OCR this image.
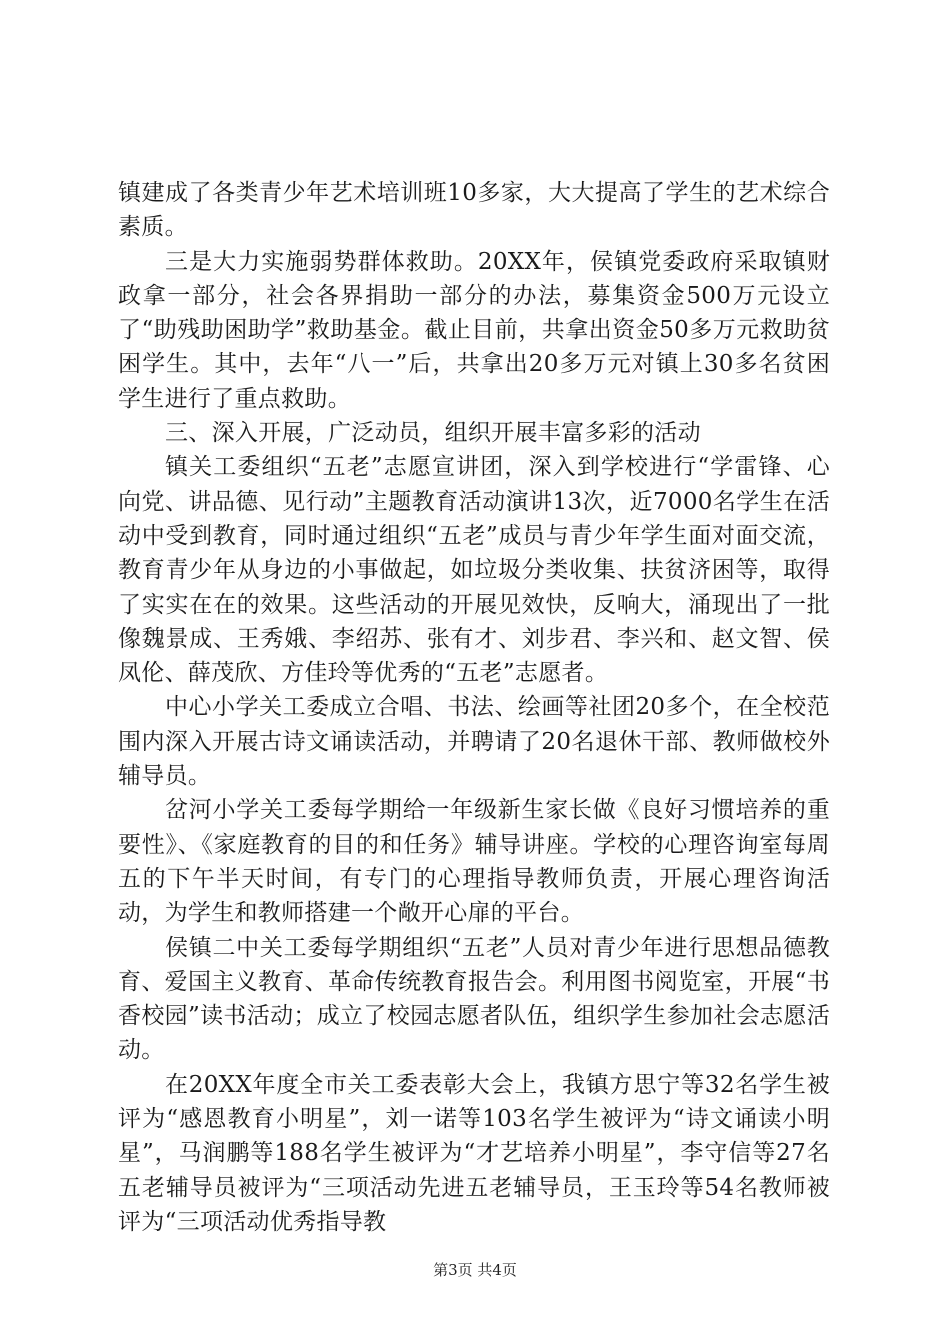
镇建成了各类青少年艺术培训班10多家，大大提高了学生的艺术综合素质。

三是大力实施弱势群体救助。20XX年，侯镇党委政府采取镇财政拿一部分，社会各界捐助一部分的办法，募集资金500万元设立了“助残助困助学”救助基金。截止目前，共拿出资金50多万元救助贫困学生。其中，去年“八一”后，共拿出20多万元对镇上30多名贫困学生进行了重点救助。

三、深入开展，广泛动员，组织开展丰富多彩的活动

镇关工委组织“五老”志愿宣讲团，深入到学校进行“学雷锋、心向党、讲品德、见行动”主题教育活动演讲13次，近7000名学生在活动中受到教育，同时通过组织“五老”成员与青少年学生面对面交流，教育青少年从身边的小事做起，如垃圾分类收集、扶贫济困等，取得了实实在在的效果。这些活动的开展见效快，反响大，涌现出了一批像魏景成、王秀娥、李绍苏、张有才、刘步君、李兴和、赵文智、侯凤伦、薛茂欣、方佳玲等优秀的“五老”志愿者。

中心小学关工委成立合唱、书法、绘画等社团20多个，在全校范围内深入开展古诗文诵读活动，并聘请了20名退休干部、教师做校外辅导员。

岔河小学关工委每学期给一年级新生家长做《良好习惯培养的重要性》、《家庭教育的目的和任务》辅导讲座。学校的心理咨询室每周五的下午半天时间，有专门的心理指导教师负责，开展心理咨询活动，为学生和教师搭建一个敞开心扉的平台。

侯镇二中关工委每学期组织“五老”人员对青少年进行思想品德教育、爱国主义教育、革命传统教育报告会。利用图书阅览室，开展“书香校园”读书活动；成立了校园志愿者队伍，组织学生参加社会志愿活动。

在20XX年度全市关工委表彰大会上，我镇方思宁等32名学生被评为“感恩教育小明星”，刘一诺等103名学生被评为“诗文诵读小明星”，马润鹏等188名学生被评为“才艺培养小明星”，李守信等27名五老辅导员被评为“三项活动先进五老辅导员，王玉玲等54名教师被评为“三项活动优秀指导教

第3页 共4页
